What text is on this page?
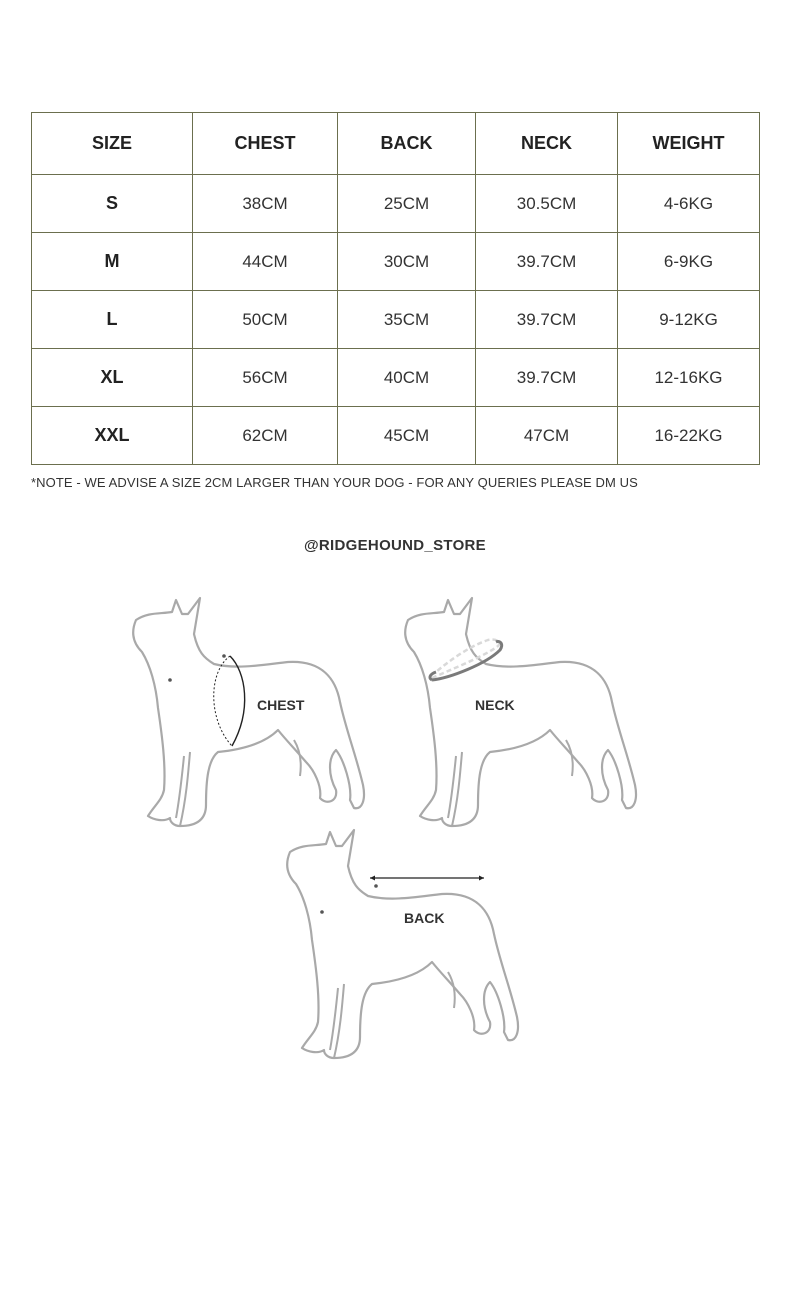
SIZE	CHEST	BACK	NECK	WEIGHT
S	38CM	25CM	30.5CM	4-6KG
M	44CM	30CM	39.7CM	6-9KG
L	50CM	35CM	39.7CM	9-12KG
XL	56CM	40CM	39.7CM	12-16KG
XXL	62CM	45CM	47CM	16-22KG
*NOTE - WE ADVISE A SIZE 2CM LARGER THAN YOUR DOG - FOR ANY QUERIES PLEASE DM US
@RIDGEHOUND_STORE
CHEST	NECK
BACK
